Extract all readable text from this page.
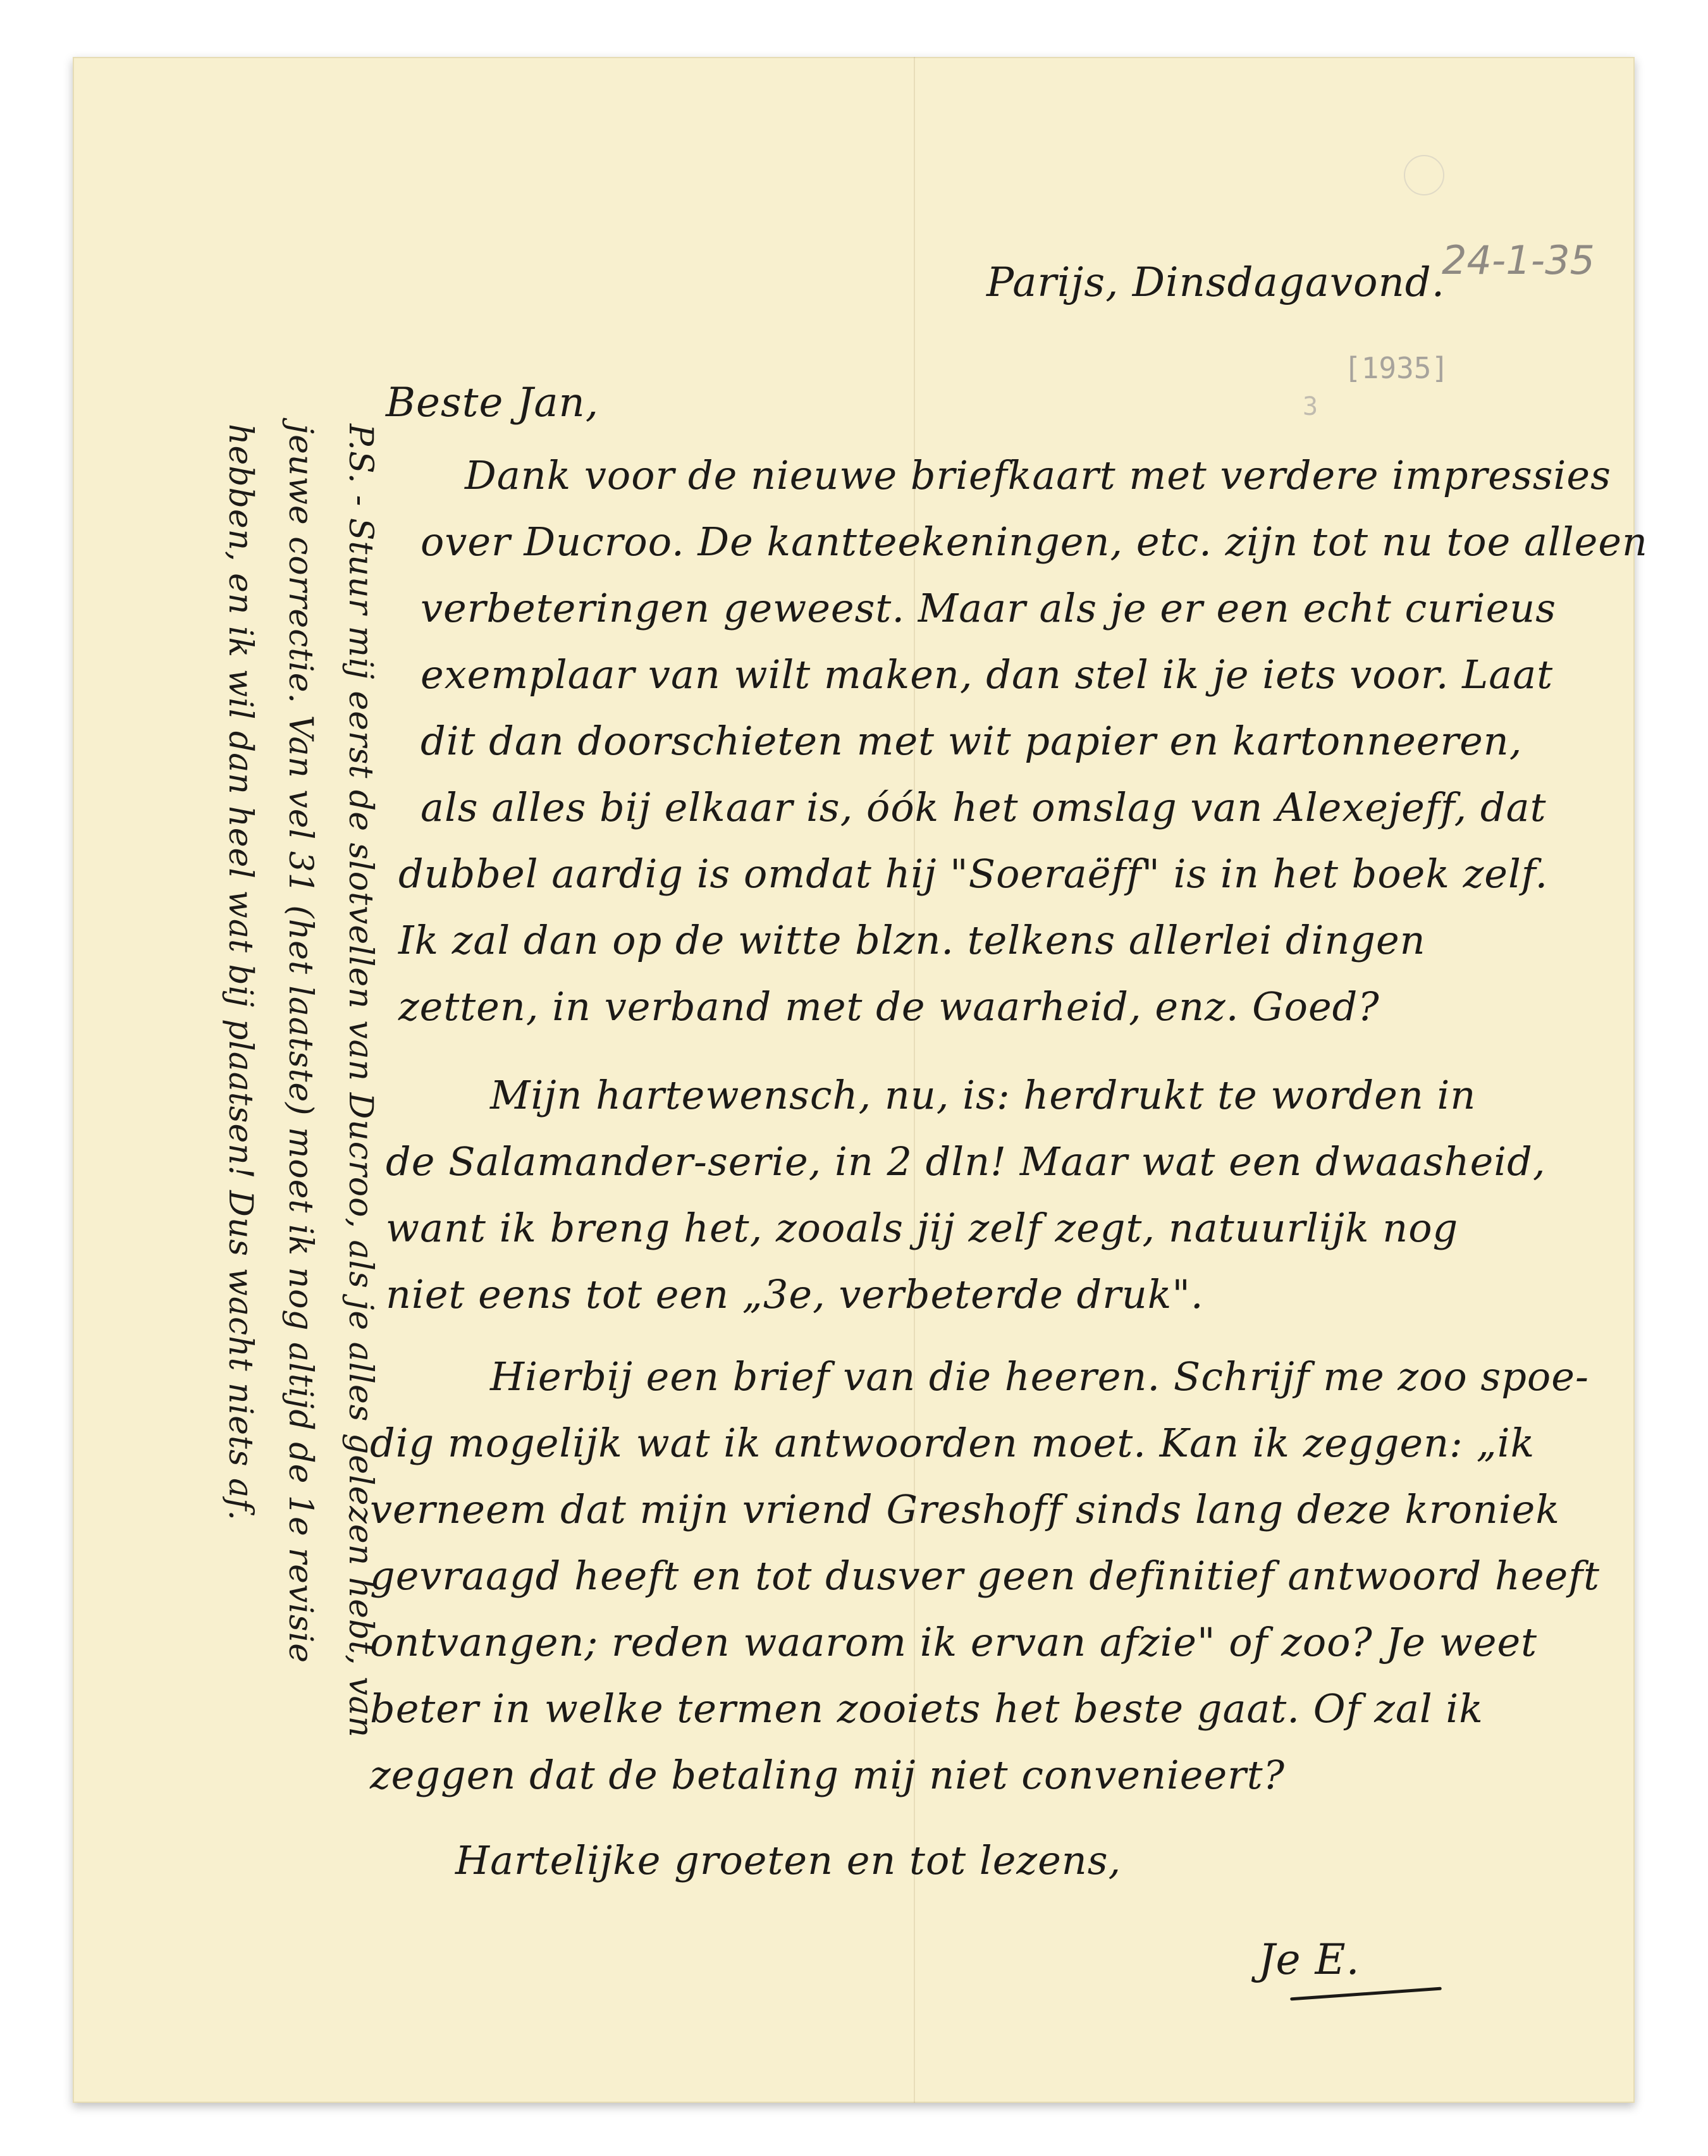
Parijs, Dinsdagavond.
24-1-35
[1935]
3
Beste Jan,
Dank voor de nieuwe briefkaart met verdere impressies
over Ducroo. De kantteekeningen, etc. zijn tot nu toe alleen
verbeteringen geweest. Maar als je er een echt curieus
exemplaar van wilt maken, dan stel ik je iets voor. Laat
dit dan doorschieten met wit papier en kartonneeren,
als alles bij elkaar is, óók het omslag van Alexejeff, dat
dubbel aardig is omdat hij "Soeraëff" is in het boek zelf.
Ik zal dan op de witte blzn. telkens allerlei dingen
zetten, in verband met de waarheid, enz. Goed?
Mijn hartewensch, nu, is: herdrukt te worden in
de Salamander-serie, in 2 dln! Maar wat een dwaasheid,
want ik breng het, zooals jij zelf zegt, natuurlijk nog
niet eens tot een „3e, verbeterde druk".
Hierbij een brief van die heeren. Schrijf me zoo spoe-
dig mogelijk wat ik antwoorden moet. Kan ik zeggen: „ik
verneem dat mijn vriend Greshoff sinds lang deze kroniek
gevraagd heeft en tot dusver geen definitief antwoord heeft
ontvangen; reden waarom ik ervan afzie" of zoo? Je weet
beter in welke termen zooiets het beste gaat. Of zal ik
zeggen dat de betaling mij niet convenieert?
Hartelijke groeten en tot lezens,
Je E.
P.S. - Stuur mij eerst de slotvellen van Ducroo, als je alles gelezen hebt, van
jeuwe correctie. Van vel 31 (het laatste) moet ik nog altijd de 1e revisie
hebben, en ik wil dan heel wat bij plaatsen! Dus wacht niets af.
